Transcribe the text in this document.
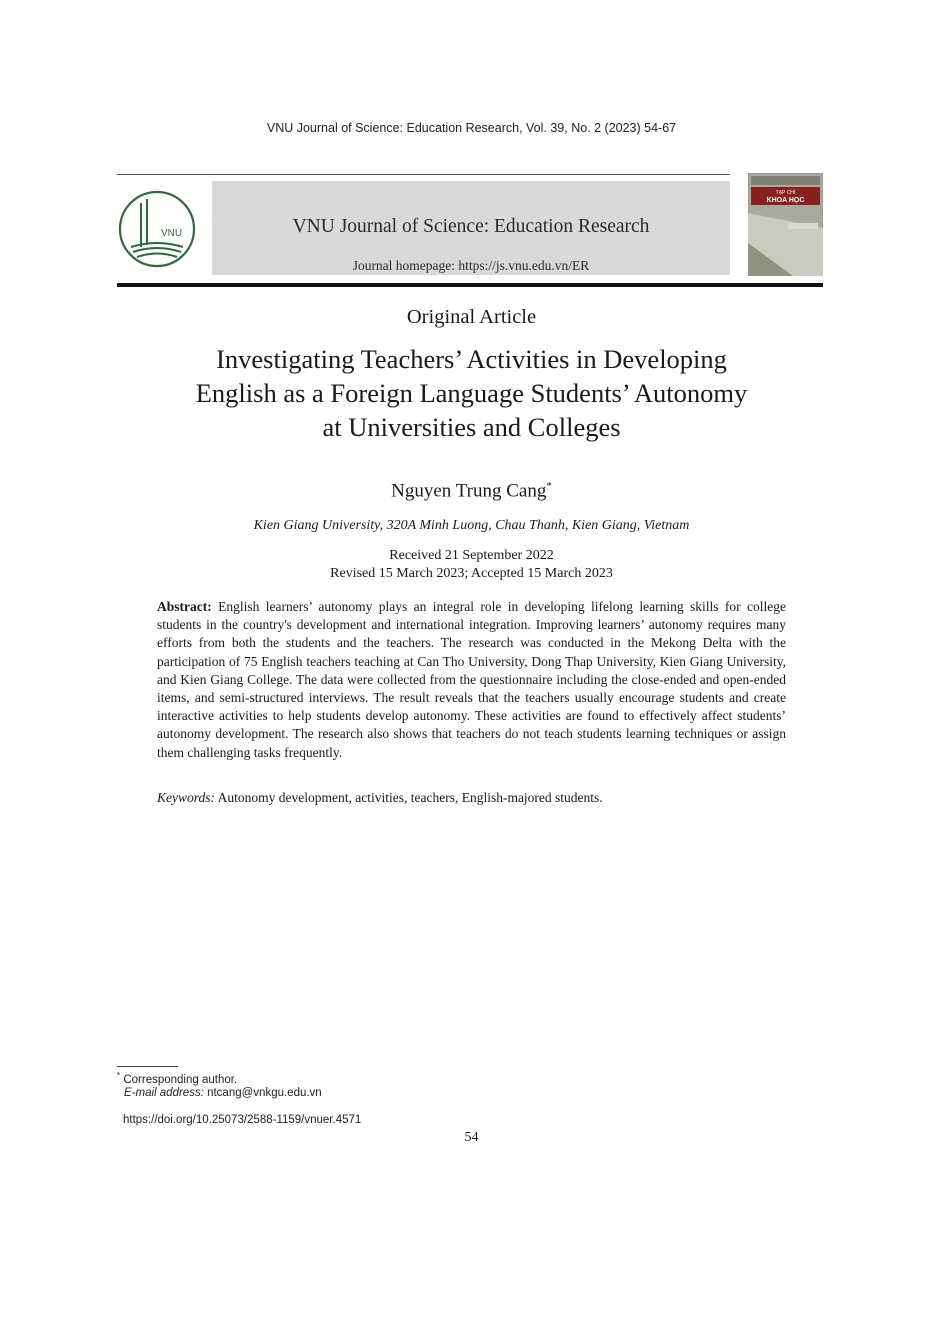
VNU Journal of Science: Education Research, Vol. 39, No. 2 (2023) 54-67
VNU	VNU Journal of Science: Education Research
Journal homepage: https://js.vnu.edu.vn/ER
TẠP CHÍ
KHOA HỌC
Original Article
Investigating Teachers’ Activities in Developing
English as a Foreign Language Students’ Autonomy
at Universities and Colleges
Nguyen Trung Cang*
Kien Giang University, 320A Minh Luong, Chau Thanh, Kien Giang, Vietnam
Received 21 September 2022
Revised 15 March 2023; Accepted 15 March 2023
Abstract: English learners’ autonomy plays an integral role in developing lifelong learning skills for college students in the country's development and international integration. Improving learners’ autonomy requires many efforts from both the students and the teachers. The research was conducted in the Mekong Delta with the participation of 75 English teachers teaching at Can Tho University, Dong Thap University, Kien Giang University, and Kien Giang College. The data were collected from the questionnaire including the close-ended and open-ended items, and semi-structured interviews. The result reveals that the teachers usually encourage students and create interactive activities to help students develop autonomy. These activities are found to effectively affect students’ autonomy development. The research also shows that teachers do not teach students learning techniques or assign them challenging tasks frequently.
Keywords: Autonomy development, activities, teachers, English-majored students.
* Corresponding author.
E-mail address: ntcang@vnkgu.edu.vn
https://doi.org/10.25073/2588-1159/vnuer.4571
54
